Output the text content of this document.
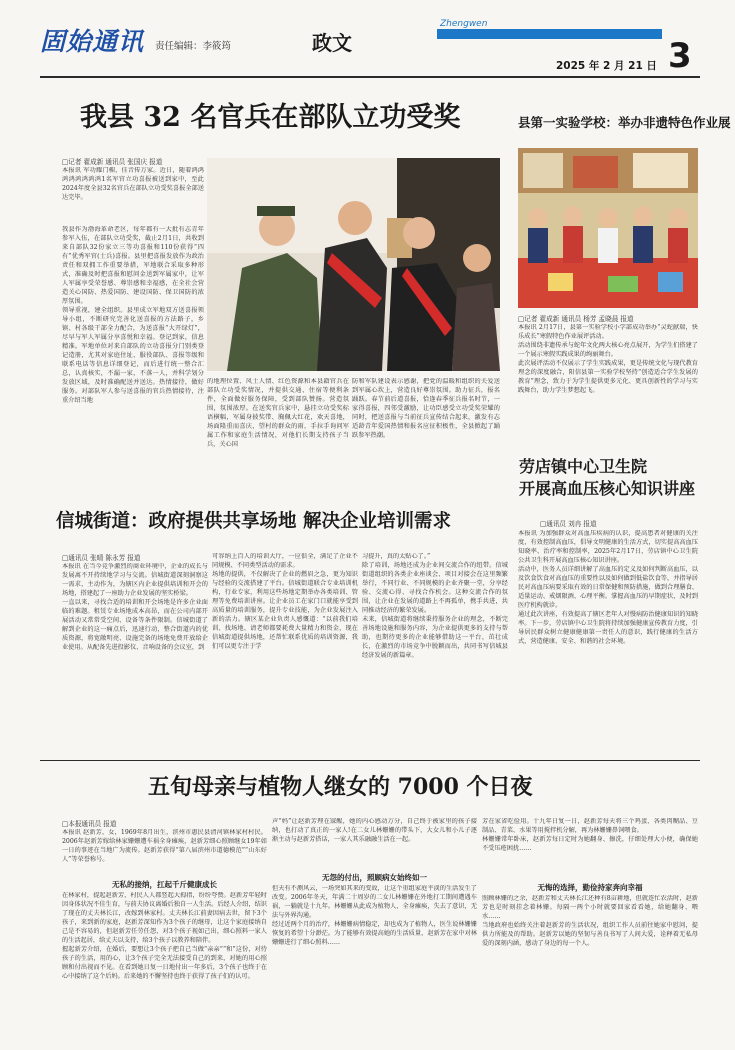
固始通讯 责任编辑：李筱筠	政文
Zhengwen
2025 年 2 月 21 日 3
我县 32 名官兵在部队立功受奖
□记者 翟成新 通讯员 张国庆 报道
本报讯 军功耀门楣，佳音传万家。近日，随着鸿鸿鸿鸿鸿鸿鸿鸿1名军官立功喜报被送到家中，至此2024年度全县32名官兵在部队立功受奖喜报全部送达完毕。
我县作为渤海革命老区，每年都有一大批有志青年参军入伍，在部队立功受奖，截止2月1日，共收到来自部队32份家立三等功喜报和110份获得“四有”优秀军官(士兵)喜报。县里把喜报发放作为政治责任和双拥工作重要举措，军地联合采取多种形式，准确及时把喜报和慰问金送到军属家中，让军人军属享受荣誉感、尊崇感和幸福感，在全社会营造关心国防、热爱国防、建设国防、保卫国防的浓厚氛围。
领导重视，建全组织。县里成立军地双方送喜报领导小组，不断研究完善化送喜报的方法路子，乡镇、村各级干部全力配合，为送喜报“大开绿灯”，尽早与军人军属分享喜悦和幸福。登记到家，信息精准。军地单位对来自部队的立功喜报分门别类登记造册，尤其对家庭住址、服役部队、喜报等级和联系电话等信息详细登记，而后进行统一整合汇总，认真核实，不漏一家，不落一人，并科学划分发放区域，及时准确配送并送达。热情接待，做好服务。对部队军人参与送喜报的官兵热情接待，注重介绍当地
的地理位置、风土人情、红色资源和本县籍官兵在部队立功受奖情况，并提供交通、住宿等便利条件，全面做好服务保障，受到部队赞扬。营造氛围，氛围浓厚。在送奖官兵家中，悬挂立功受奖标语横幅，军属身披奖带、胸佩大红花，欢天喜地，场面隆重而喜庆，望村的群众的雨，手拉手询问军属工作和家庭生活情况，对他们长期支持孩子当兵，关心国
防和军队建设表示感谢，把党的温暖和组织的关爱送到军属心坎上，营造良好尊崇氛围。助力征兵，报名踊跃。春节前后道喜报，恰逢春季征兵报名时节，一家得喜报，四邻受激励，让功臣感受立功受奖荣耀的同时，把送喜报与当前征兵宣传结合起来，激发有志适龄青年爱国热情和报名应征积极性，全县掀起了踊跃参军热潮。
县第一实验学校：举办非遗特色作业展
□记者 翟成新 通讯员 杨芳 孟晓晨 报道
本报讯 2月17日，县第一实验学校小学部成功举办“灵蛇献瑞，快乐成长”寒假特色作业展评活动。
活动围绕非遗传承与蛇年文化两大核心亮点展开，为学生们搭建了一个展示寒假实践成果的绚丽舞台。
此次展评活动不仅展示了学生实践成果，更是传统文化与现代教育理念的深度融合，阳信县第一实验学校坚持“创造适合学生发展的教育”理念，致力于为学生提供更多元化、更具创新性的学习与实践舞台，助力学生梦想起飞。
劳店镇中心卫生院
开展高血压核心知识讲座
□通讯员 刘冉 报道
本报讯 为加强群众对高血压疾病的认识，提高患者对健康的关注度，有效控制高血压，倡导文明健康的生活方式，切实提高高血压知晓率、治疗率和控制率，2025年2月17日，劳店镇中心卫生院公共卫生科开展高血压核心知识讲座。
活动中，医务人员详细讲解了高血压的定义及如何判断高血压，以及饮食饮食对高血压的重要性以及如何做到低盐饮食等，并指导居民对高血压病要采取有效的日常保健和预防措施，做到合理膳食、适量运动、戒烟限酒、心理平衡。掌握高血压的早期症状，及时到医疗机构就诊。
通过此次讲座，有效提高了辖区老年人对慢病防治健康知识的知晓率。下一步，劳店镇中心卫生院将持续加强健康宣传教育力度，引导居民群众树立健康健康第一责任人的意识，践行健康的生活方式，营造健康、安全、和谐的社会环境。
信城街道：政府提供共享场地 解决企业培训需求
□通讯员 张晴 陈永芳 报道
本报讯 在当今竞争激烈的商业环境中，企业的成长与发展离不开持续地学习与交流。信城街道深刻洞察这一需求，主动作为，为辖区内企业提供培训和开会的场地，搭建起了一座助力企业发展的坚实桥梁。
一直以来，寻找合适的培训和开会场地是许多企业面临的难题。租赁专业场地成本高昂，而在公司内部开展活动又常常受空间、设备等条件限制。信城街道了解到企业的这一痛点后，迅速行动，整合街道内的优质资源，将宽敞明亮、设施完备的场地免费开放给企业使用。从配备先进投影仪、音响设备的会议室，到
可容纳上百人的培训大厅，一应俱全，满足了企业不同规模、不同类型活动的需求。
场地的提供，不仅解决了企业的燃眉之急，更为知识与经验的交流搭建了平台。信城街道联合专业培训机构，行业专家，利用这些场地定期举办各类培训、管理等免费培训讲座。让企业员工在家门口就能享受到高质量的培训服务，提升专业技能，为企业发展注入新的活力。辖区某企业负责人感慨道：“以前我们培训、找场地、请老师都要耗费大量精力和资金，现在信城街道提供场地，还帮忙联系优质的培训资源，我们可以更专注于学
习提升，真的太贴心了。”
除了培训，场地还成为企业间交流合作的纽带。信城街道组织的各类企业座谈会、项目对接会在这里频繁举行，不同行业、不同规模的企业齐聚一堂，分享经验、交流心得、寻找合作机会。这种交流合作的氛围，让企业在发展的道路上不再孤单，携手共进，共同推动经济的繁荣发展。
未来，信城街道将继续秉持服务企业的理念，不断完善场地设施和服务内容，为企业提供更多的支持与帮助，也期待更多的企业能够借助这一平台，茁壮成长，在激烈的市场竞争中脱颖而出，共同书写信城县经济发展的新篇章。
五旬母亲与植物人继女的 7000 个日夜
□本报通讯员 报道
本报讯 赵新芳，女，1969年8月出生，滨州市惠民县清河镇林家村村民。2006年赵新芳嫁给林家姗姗遭车祸全身瘫痪，赵新芳细心照顾继女19年如一日的事迹在当地广为流传。赵新芳获得“第八届滨州市道德模范”“山东好人”等荣誉称号。
无私的接纳，扛起千斤健康成长
在林家村，提起赵新芳，村民人人都竖起大拇指，纷纷夸赞。赵新芳年轻时因身体状况不佳生育，与前夫协议离婚后独自一人生活。后经人介绍，结识了现在的丈夫林长江，改嫁到林家村。丈夫林长江前妻因病去世，留下3个孩子，来到新的家庭，赵新芳深知作为3个孩子的继母，让这个家庭接纳自己是不容易的，但赵新芳任劳任怨，对3个孩子视如己出，细心照料一家人的生活起居，给丈夫以支持，给3个孩子以教养和陪伴。
握起新芳介绍，在婚后，要想让3个孩子把自己当做“亲亲”“和”这份，对待孩子的生活，用的心，让3个孩子完全无法接受自己的到来，对她的用心照顾和付出视而不见。在看到她日复一日地付出一年多后，3个孩子也终于在心中接纳了这个后妈。后来她的不懈坚持也终于获得了孩子们的认可。
声“妈”让赵新芳理在寐醒，她的内心感动万分，自己终于被家里的孩子接纳，也打动了真正的一家人!在二女儿林姗姗的带头下，大女儿和小儿子逐渐主动与赵新芳搭话，一家人其乐融融生活在一起。
无怨的付出，照顾病女始终如一
但天有不测风云，一场突如其来的变故，让这个重组家庭平淡的生活发生了改变。2006年冬天，年满二十周岁的二女儿林姗姗在外地打工期间遭遇车祸，一躺就是十九年。林姗姗从此成为植物人，全身瘫痪，失去了意识，无法与外界沟通。
经过近两个月的治疗，林姗姗病情稳定，却也成为了植物人，医生说林姗姗恢复的希望十分渺茫。为了能够有效提高她的生活质量，赵新芳在家中对林姗姗进行了细心照料……
芳在家省吃俭用。十九年日复一日，赵新芳每天将三个鸡蛋、各类肉糊品、豆制品、青菜、水果等用搅拌机分解，再为林姗姗鼻饲喂食。
林姗姗常年卧床，赵新芳每日定时为她翻身、擦洗，仔细处理大小便，确保她不受压疮困扰……
无悔的选择，勤俭持家奔向幸福
照顾林姗的之余，赵新芳和丈夫林长江还种有8亩耕地，但就连忙农活时，赵新芳也是时刻挂念着林姗。每隔一两个小时就要回家看看她，给她翻身、喂水……
当地政府也始终关注着赵新芳的生活状况，组织工作人员前往她家中慰问，提供力所能及的帮助。赵新芳以她的坚韧与善良书写了人间大爱，诠释着无私母爱的深刻内涵，感动了身边的每一个人。
